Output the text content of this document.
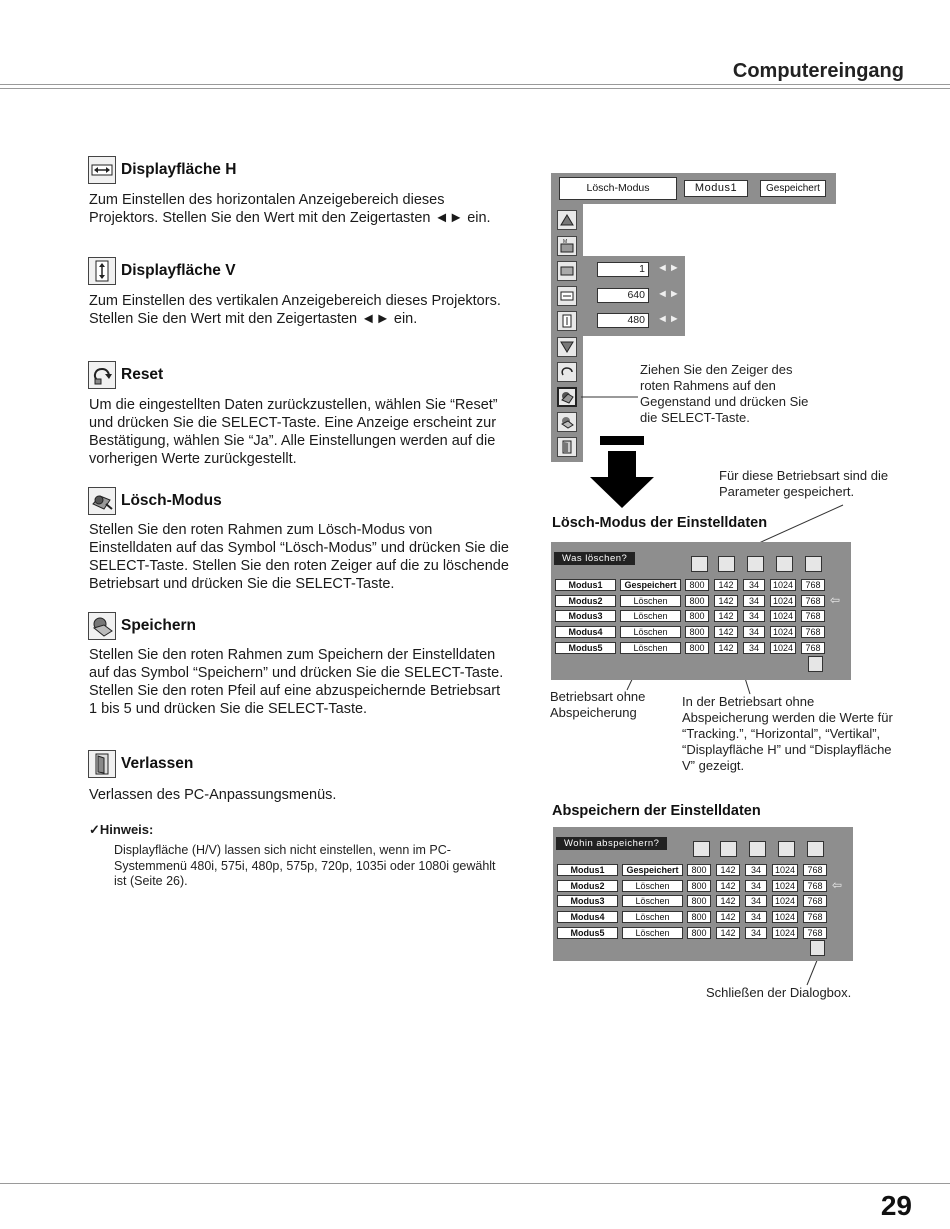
Computereingang
29
Displayfläche H
Zum Einstellen des horizontalen Anzeigebereich dieses Projektors. Stellen Sie den Wert mit den Zeigertasten ◄► ein.
Displayfläche V
Zum Einstellen des vertikalen Anzeigebereich dieses Projektors. Stellen Sie den Wert mit den Zeigertasten ◄► ein.
Reset
Um die eingestellten Daten zurückzustellen, wählen Sie “Reset” und drücken Sie die SELECT-Taste. Eine Anzeige erscheint zur Bestätigung, wählen Sie “Ja”. Alle Einstellungen werden auf die vorherigen Werte zurückgestellt.
Lösch-Modus
Stellen Sie den roten Rahmen zum Lösch-Modus von Einstelldaten auf das Symbol “Lösch-Modus” und drücken Sie die SELECT-Taste. Stellen Sie den roten Zeiger auf die zu löschende Betriebsart und drücken Sie die SELECT-Taste.
Speichern
Stellen Sie den roten Rahmen zum Speichern der Einstelldaten auf das Symbol “Speichern” und drücken Sie die SELECT-Taste. Stellen Sie den roten Pfeil auf eine abzuspeichernde Betriebsart 1 bis 5 und drücken Sie die SELECT-Taste.
Verlassen
Verlassen des PC-Anpassungsmenüs.
✓Hinweis:
Displayfläche (H/V) lassen sich nicht einstellen, wenn im PC-Systemmenü 480i, 575i, 480p, 575p, 720p, 1035i oder 1080i gewählt ist (Seite 26).
Lösch-Modus	Modus1	Gespeichert
M
1	◄►
640	◄►
480	◄►
Ziehen Sie den Zeiger des roten Rahmens auf den Gegenstand und drücken Sie die SELECT-Taste.
Für diese Betriebsart sind die Parameter gespeichert.
Lösch-Modus der Einstelldaten
Was löschen?
Modus1	Gespeichert	800	142	34	1024	768
Modus2	Löschen	800	142	34	1024	768
Modus3	Löschen	800	142	34	1024	768
Modus4	Löschen	800	142	34	1024	768
Modus5	Löschen	800	142	34	1024	768
⇦
Betriebsart ohne Abspeicherung
In der Betriebsart ohne Abspeicherung werden die Werte für “Tracking.”, “Horizontal”, “Vertikal”, “Displayfläche H” und “Displayfläche V” gezeigt.
Abspeichern der Einstelldaten
Wohin abspeichern?
Modus1	Gespeichert	800	142	34	1024	768
Modus2	Löschen	800	142	34	1024	768
Modus3	Löschen	800	142	34	1024	768
Modus4	Löschen	800	142	34	1024	768
Modus5	Löschen	800	142	34	1024	768
⇦
Schließen der Dialogbox.
